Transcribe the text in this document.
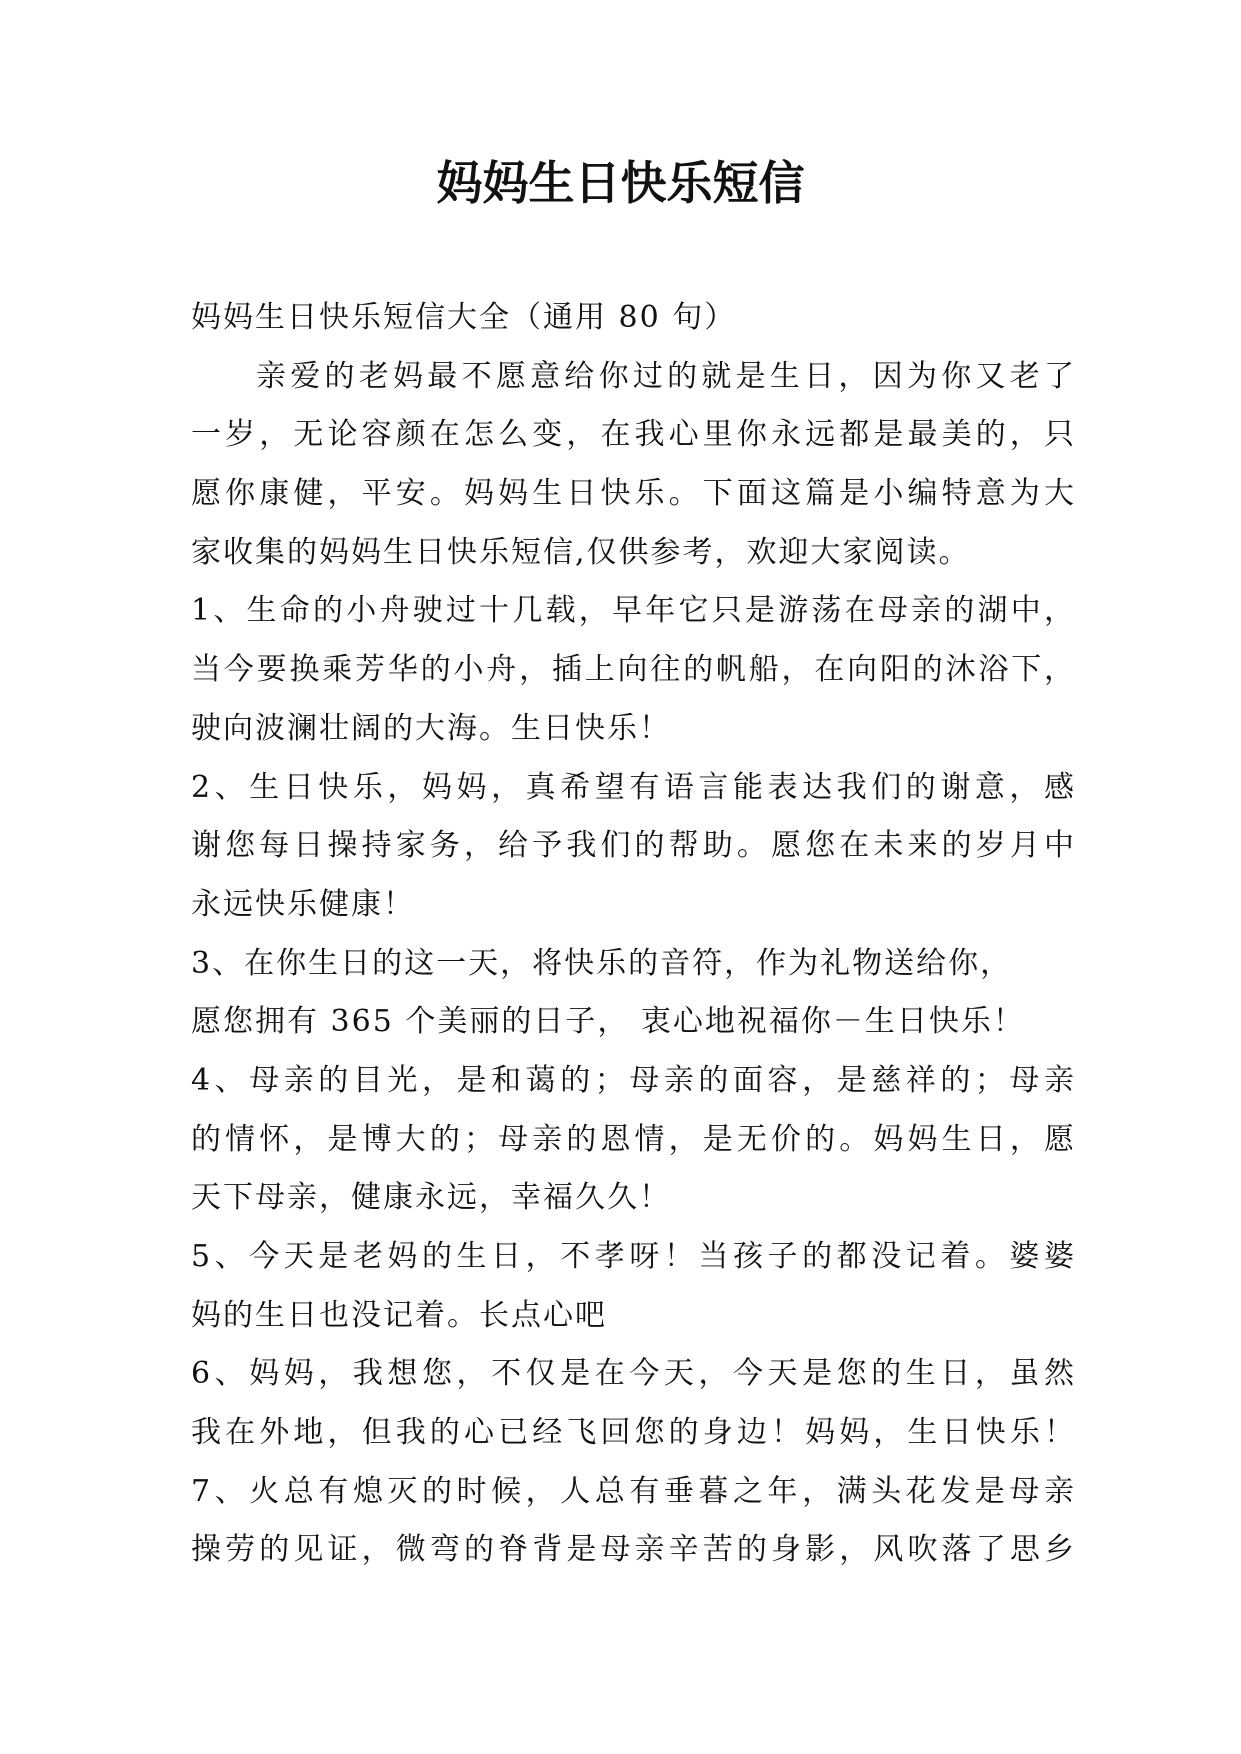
妈妈生日快乐短信
妈妈生日快乐短信大全（通用 80 句）
亲爱的老妈最不愿意给你过的就是生日，因为你又老了
一岁，无论容颜在怎么变，在我心里你永远都是最美的，只
愿你康健，平安。妈妈生日快乐。下面这篇是小编特意为大
家收集的妈妈生日快乐短信,仅供参考，欢迎大家阅读。
1、生命的小舟驶过十几载，早年它只是游荡在母亲的湖中，
当今要换乘芳华的小舟，插上向往的帆船，在向阳的沐浴下，
驶向波澜壮阔的大海。生日快乐！
2、生日快乐，妈妈，真希望有语言能表达我们的谢意，感
谢您每日操持家务，给予我们的帮助。愿您在未来的岁月中
永远快乐健康！
3、在你生日的这一天，将快乐的音符，作为礼物送给你，
愿您拥有 365 个美丽的日子， 衷心地祝福你－生日快乐！
4、母亲的目光，是和蔼的；母亲的面容，是慈祥的；母亲
的情怀，是博大的；母亲的恩情，是无价的。妈妈生日，愿
天下母亲，健康永远，幸福久久！
5、今天是老妈的生日，不孝呀！当孩子的都没记着。婆婆
妈的生日也没记着。长点心吧
6、妈妈，我想您，不仅是在今天，今天是您的生日，虽然
我在外地，但我的心已经飞回您的身边！妈妈，生日快乐！
7、火总有熄灭的时候，人总有垂暮之年，满头花发是母亲
操劳的见证，微弯的脊背是母亲辛苦的身影，风吹落了思乡
